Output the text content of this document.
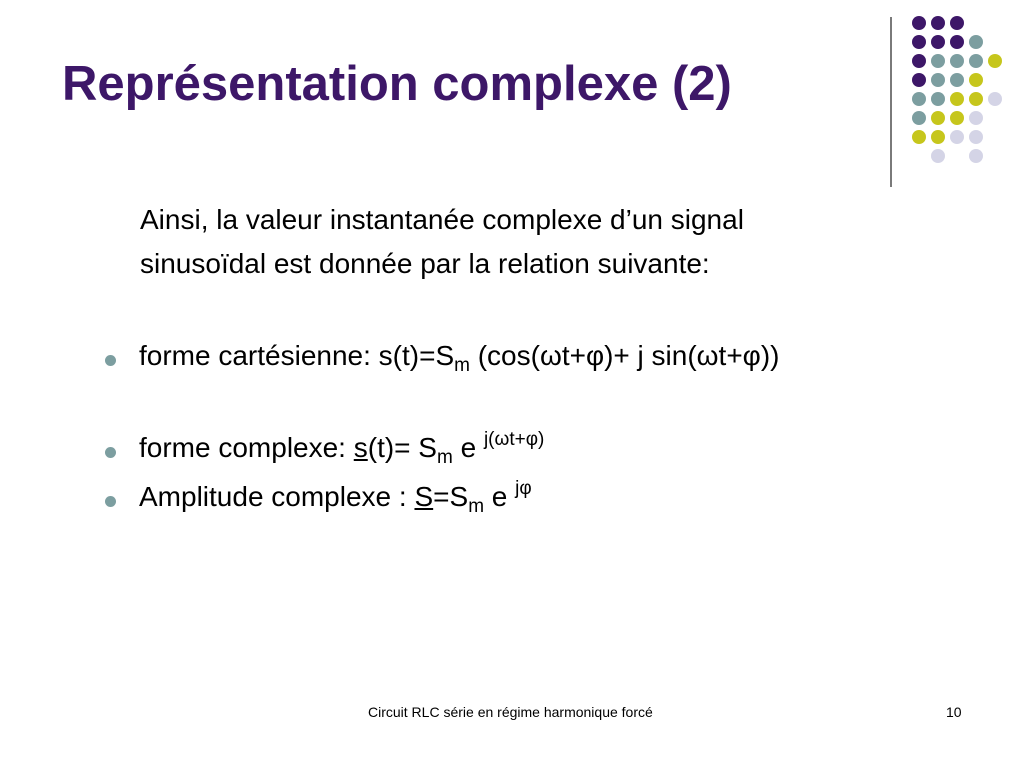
Représentation complexe (2)
Ainsi, la valeur instantanée complexe d’un signal
sinusoïdal est donnée par la relation suivante:
forme cartésienne: $s(t)=S_m$ (cos(ωt+φ)+ j sin(ωt+φ))
forme complexe: $s(t)= S_m$ e $^{j(\omega t+\varphi)}$
Amplitude complexe : $S=S_m$ e $^{j\varphi}$
Circuit RLC série en régime harmonique forcé	10
